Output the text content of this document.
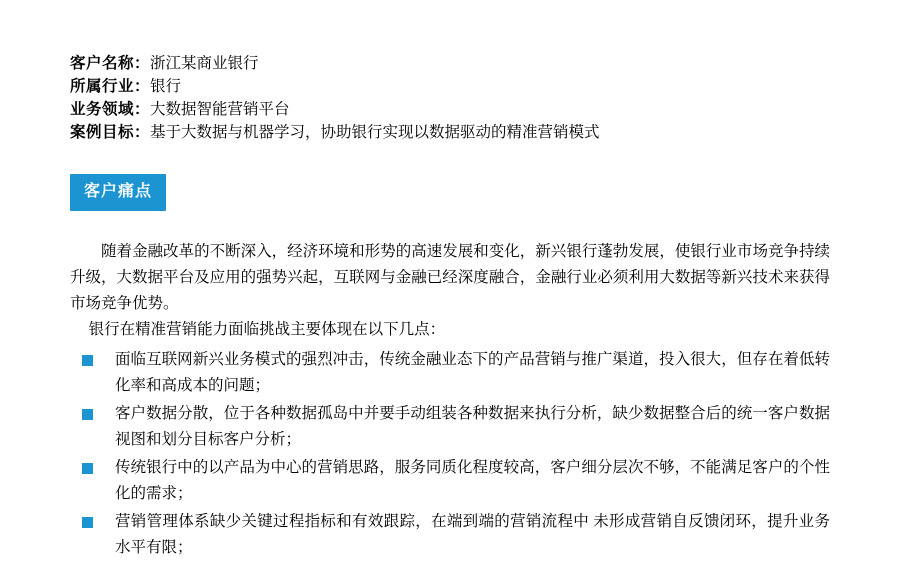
客户名称： 浙江某商业银行
所属行业： 银行
业务领域： 大数据智能营销平台
案例目标： 基于大数据与机器学习，协助银行实现以数据驱动的精准营销模式
客户痛点

随着金融改革的不断深入，经济环境和形势的高速发展和变化，新兴银行蓬勃发展，使银行业市场竞争持续升级，大数据平台及应用的强势兴起，互联网与金融已经深度融合，金融行业必须利用大数据等新兴技术来获得市场竞争优势。

银行在精准营销能力面临挑战主要体现在以下几点：

面临互联网新兴业务模式的强烈冲击，传统金融业态下的产品营销与推广渠道，投入很大，但存在着低转化率和高成本的问题；
客户数据分散，位于各种数据孤岛中并要手动组装各种数据来执行分析，缺少数据整合后的统一客户数据视图和划分目标客户分析；
传统银行中的以产品为中心的营销思路，服务同质化程度较高，客户细分层次不够，不能满足客户的个性化的需求；
营销管理体系缺少关键过程指标和有效跟踪，在端到端的营销流程中 未形成营销自反馈闭环，提升业务水平有限；
